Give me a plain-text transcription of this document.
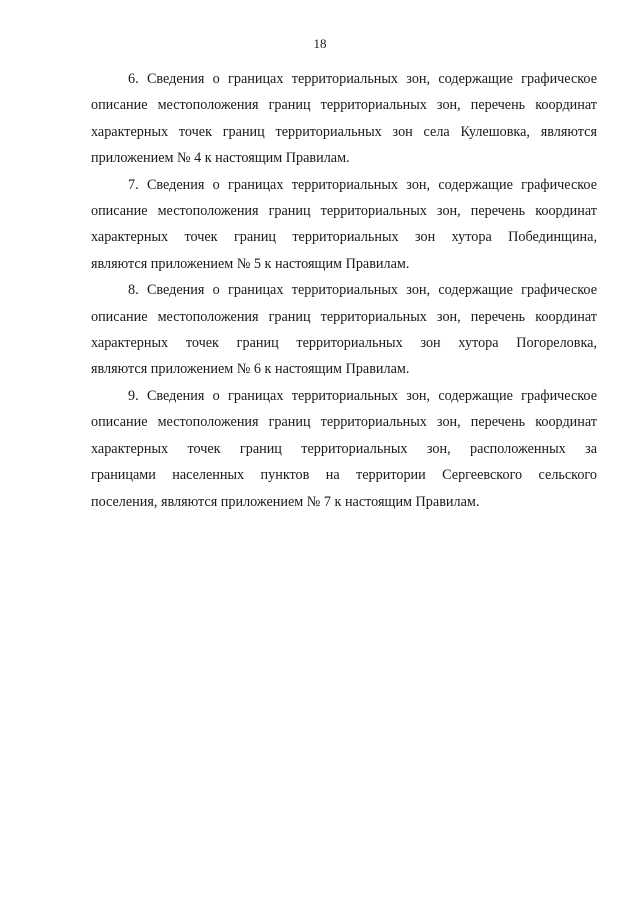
18

6. Сведения о границах территориальных зон, содержащие графическое
описание местоположения границ территориальных зон, перечень координат
характерных точек границ территориальных зон села Кулешовка, являются
приложением № 4 к настоящим Правилам.

7. Сведения о границах территориальных зон, содержащие графическое
описание местоположения границ территориальных зон, перечень координат
характерных точек границ территориальных зон хутора Побединщина,
являются приложением № 5 к настоящим Правилам.

8. Сведения о границах территориальных зон, содержащие графическое
описание местоположения границ территориальных зон, перечень координат
характерных точек границ территориальных зон хутора Погореловка,
являются приложением № 6 к настоящим Правилам.

9. Сведения о границах территориальных зон, содержащие графическое
описание местоположения границ территориальных зон, перечень координат
характерных точек границ территориальных зон, расположенных за
границами населенных пунктов на территории Сергеевского сельского
поселения, являются приложением № 7 к настоящим Правилам.
